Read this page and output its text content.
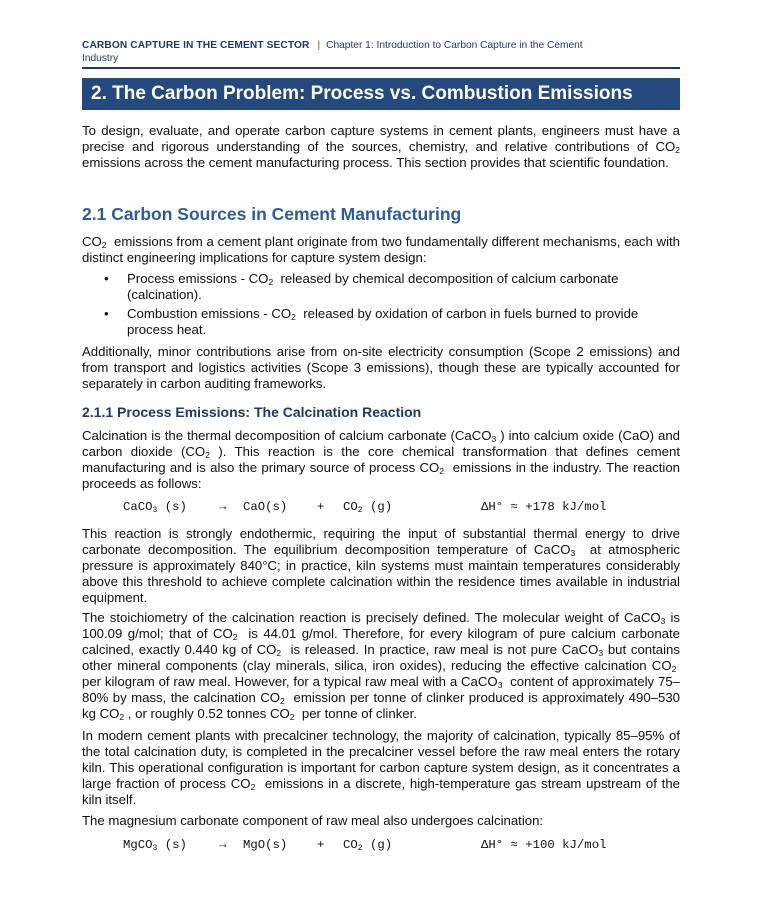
CARBON CAPTURE IN THE CEMENT SECTOR | Chapter 1: Introduction to Carbon Capture in the Cement
Industry
2. The Carbon Problem: Process vs. Combustion Emissions

To design, evaluate, and operate carbon capture systems in cement plants, engineers must have a precise and rigorous understanding of the sources, chemistry, and relative contributions of $CO_2$ emissions across the cement manufacturing process. This section provides that scientific foundation.

2.1 Carbon Sources in Cement Manufacturing

$CO_2$ emissions from a cement plant originate from two fundamentally different mechanisms, each with distinct engineering implications for capture system design:

• Process emissions - $CO_2$ released by chemical decomposition of calcium carbonate (calcination).
• Combustion emissions - $CO_2$ released by oxidation of carbon in fuels burned to provide process heat.

Additionally, minor contributions arise from on-site electricity consumption (Scope 2 emissions) and from transport and logistics activities (Scope 3 emissions), though these are typically accounted for separately in carbon auditing frameworks.

2.1.1 Process Emissions: The Calcination Reaction

Calcination is the thermal decomposition of calcium carbonate (CaCO$_3$ ) into calcium oxide (CaO) and carbon dioxide ($CO_2$ ). This reaction is the core chemical transformation that defines cement manufacturing and is also the primary source of process $CO_2$ emissions in the industry. The reaction proceeds as follows:

CaCO$_3$ (s)	→ $CaO(s) + CO_2$ (g)	ΔH° ≈ +178 kJ/mol

This reaction is strongly endothermic, requiring the input of substantial thermal energy to drive carbonate decomposition. The equilibrium decomposition temperature of CaCO$_3$ at atmospheric pressure is approximately 840°C; in practice, kiln systems must maintain temperatures considerably above this threshold to achieve complete calcination within the residence times available in industrial equipment.

The stoichiometry of the calcination reaction is precisely defined. The molecular weight of CaCO$_3$ is 100.09 g/mol; that of $CO_2$ is 44.01 g/mol. Therefore, for every kilogram of pure calcium carbonate calcined, exactly 0.440 kg of $CO_2$ is released. In practice, raw meal is not pure CaCO$_3$ but contains other mineral components (clay minerals, silica, iron oxides), reducing the effective calcination $CO_2$  per kilogram of raw meal. However, for a typical raw meal with a CaCO$_3$ content of approximately 75–80% by mass, the calcination $CO_2$ emission per tonne of clinker produced is approximately 490–530 kg $CO_2$ , or roughly 0.52 tonnes $CO_2$ per tonne of clinker.

In modern cement plants with precalciner technology, the majority of calcination, typically 85–95% of the total calcination duty, is completed in the precalciner vessel before the raw meal enters the rotary kiln. This operational configuration is important for carbon capture system design, as it concentrates a large fraction of process $CO_2$ emissions in a discrete, high-temperature gas stream upstream of the kiln itself.

The magnesium carbonate component of raw meal also undergoes calcination:

MgCO$_3$ (s)	→ $MgO(s) + CO_2$ (g)	ΔH° ≈ +100 kJ/mol
